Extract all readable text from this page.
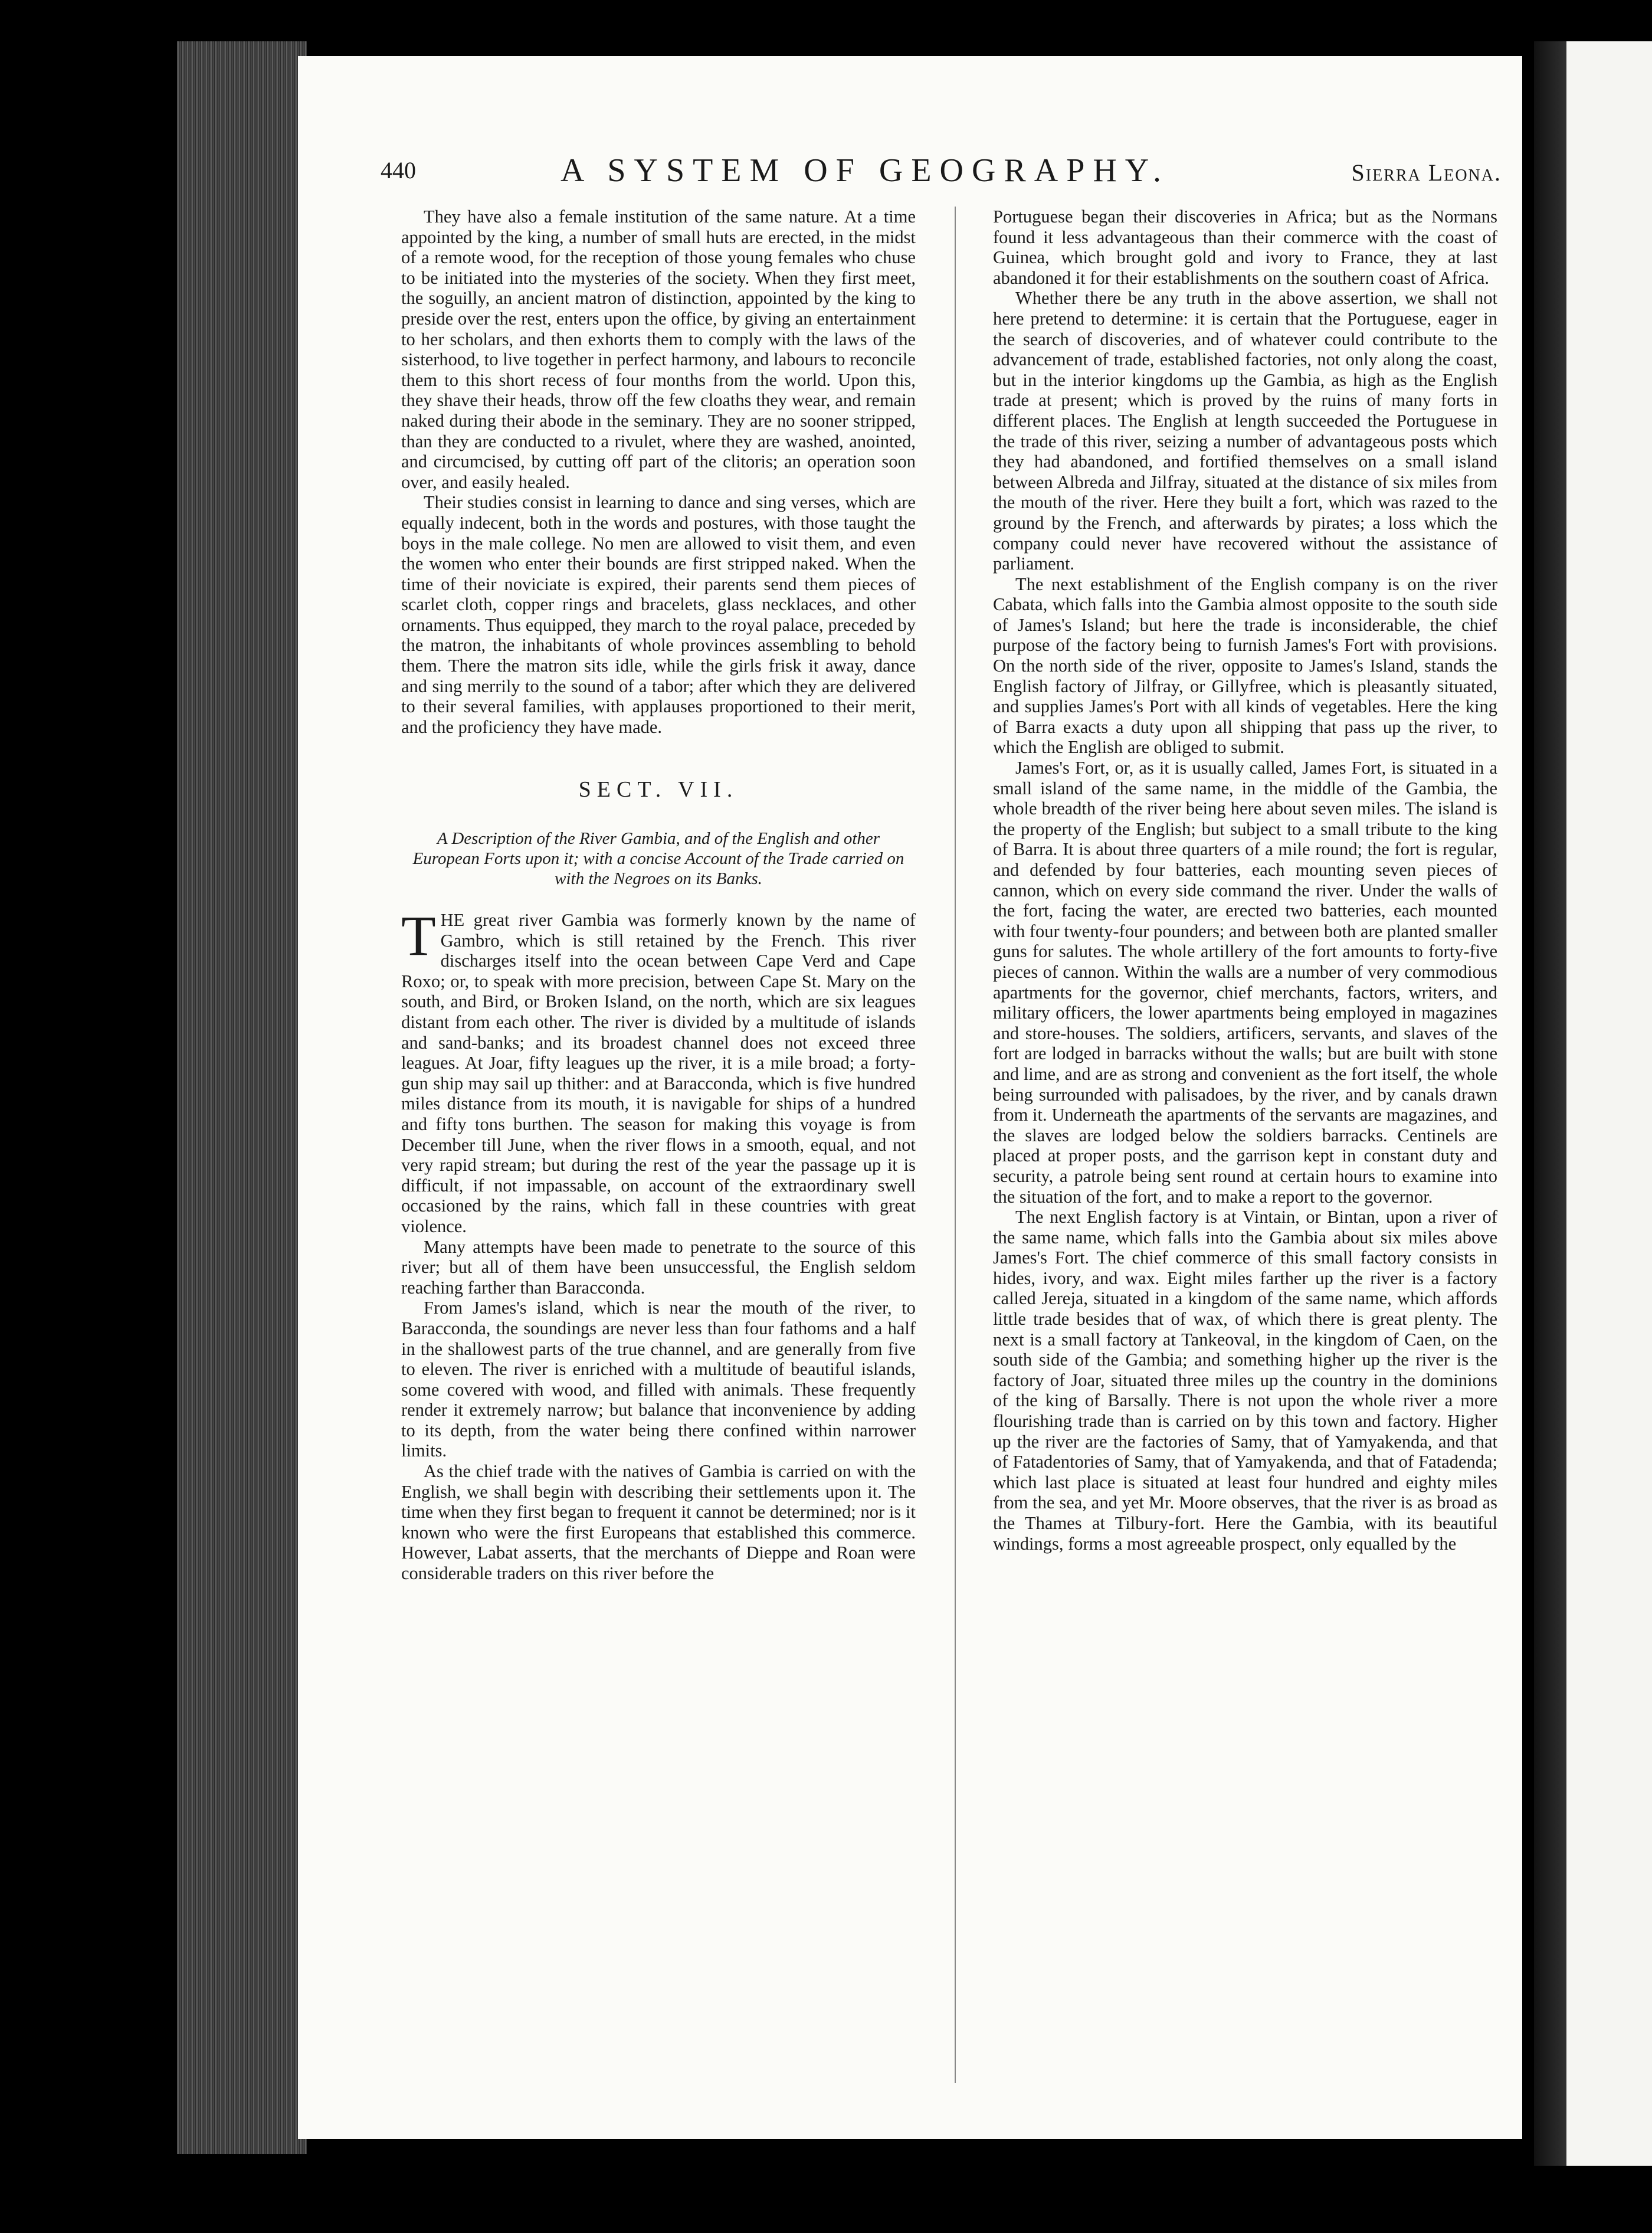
440	A SYSTEM OF GEOGRAPHY.	Sierra Leona.

They have also a female institution of the same nature. At a time appointed by the king, a number of small huts are erected, in the midst of a remote wood, for the reception of those young females who chuse to be initiated into the mysteries of the society. When they first meet, the soguilly, an ancient matron of distinction, appointed by the king to preside over the rest, enters upon the office, by giving an entertainment to her scholars, and then exhorts them to comply with the laws of the sisterhood, to live together in perfect harmony, and labours to reconcile them to this short recess of four months from the world. Upon this, they shave their heads, throw off the few cloaths they wear, and remain naked during their abode in the seminary. They are no sooner stripped, than they are conducted to a rivulet, where they are washed, anointed, and circumcised, by cutting off part of the clitoris; an operation soon over, and easily healed.

Their studies consist in learning to dance and sing verses, which are equally indecent, both in the words and postures, with those taught the boys in the male college. No men are allowed to visit them, and even the women who enter their bounds are first stripped naked. When the time of their noviciate is expired, their parents send them pieces of scarlet cloth, copper rings and bracelets, glass necklaces, and other ornaments. Thus equipped, they march to the royal palace, preceded by the matron, the inhabitants of whole provinces assembling to behold them. There the matron sits idle, while the girls frisk it away, dance and sing merrily to the sound of a tabor; after which they are delivered to their several families, with applauses proportioned to their merit, and the proficiency they have made.

SECT. VII.
A Description of the River Gambia, and of the English and other European Forts upon it; with a concise Account of the Trade carried on with the Negroes on its Banks.

THE great river Gambia was formerly known by the name of Gambro, which is still retained by the French. This river discharges itself into the ocean between Cape Verd and Cape Roxo; or, to speak with more precision, between Cape St. Mary on the south, and Bird, or Broken Island, on the north, which are six leagues distant from each other. The river is divided by a multitude of islands and sand-banks; and its broadest channel does not exceed three leagues. At Joar, fifty leagues up the river, it is a mile broad; a forty-gun ship may sail up thither: and at Baracconda, which is five hundred miles distance from its mouth, it is navigable for ships of a hundred and fifty tons burthen. The season for making this voyage is from December till June, when the river flows in a smooth, equal, and not very rapid stream; but during the rest of the year the passage up it is difficult, if not impassable, on account of the extraordinary swell occasioned by the rains, which fall in these countries with great violence.

Many attempts have been made to penetrate to the source of this river; but all of them have been unsuccessful, the English seldom reaching farther than Baracconda.

From James's island, which is near the mouth of the river, to Baracconda, the soundings are never less than four fathoms and a half in the shallowest parts of the true channel, and are generally from five to eleven. The river is enriched with a multitude of beautiful islands, some covered with wood, and filled with animals. These frequently render it extremely narrow; but balance that inconvenience by adding to its depth, from the water being there confined within narrower limits.

As the chief trade with the natives of Gambia is carried on with the English, we shall begin with describing their settlements upon it. The time when they first began to frequent it cannot be determined; nor is it known who were the first Europeans that established this commerce. However, Labat asserts, that the merchants of Dieppe and Roan were considerable traders on this river before the

Portuguese began their discoveries in Africa; but as the Normans found it less advantageous than their commerce with the coast of Guinea, which brought gold and ivory to France, they at last abandoned it for their establishments on the southern coast of Africa.

Whether there be any truth in the above assertion, we shall not here pretend to determine: it is certain that the Portuguese, eager in the search of discoveries, and of whatever could contribute to the advancement of trade, established factories, not only along the coast, but in the interior kingdoms up the Gambia, as high as the English trade at present; which is proved by the ruins of many forts in different places. The English at length succeeded the Portuguese in the trade of this river, seizing a number of advantageous posts which they had abandoned, and fortified themselves on a small island between Albreda and Jilfray, situated at the distance of six miles from the mouth of the river. Here they built a fort, which was razed to the ground by the French, and afterwards by pirates; a loss which the company could never have recovered without the assistance of parliament.

The next establishment of the English company is on the river Cabata, which falls into the Gambia almost opposite to the south side of James's Island; but here the trade is inconsiderable, the chief purpose of the factory being to furnish James's Fort with provisions. On the north side of the river, opposite to James's Island, stands the English factory of Jilfray, or Gillyfree, which is pleasantly situated, and supplies James's Port with all kinds of vegetables. Here the king of Barra exacts a duty upon all shipping that pass up the river, to which the English are obliged to submit.

James's Fort, or, as it is usually called, James Fort, is situated in a small island of the same name, in the middle of the Gambia, the whole breadth of the river being here about seven miles. The island is the property of the English; but subject to a small tribute to the king of Barra. It is about three quarters of a mile round; the fort is regular, and defended by four batteries, each mounting seven pieces of cannon, which on every side command the river. Under the walls of the fort, facing the water, are erected two batteries, each mounted with four twenty-four pounders; and between both are planted smaller guns for salutes. The whole artillery of the fort amounts to forty-five pieces of cannon. Within the walls are a number of very commodious apartments for the governor, chief merchants, factors, writers, and military officers, the lower apartments being employed in magazines and store-houses. The soldiers, artificers, servants, and slaves of the fort are lodged in barracks without the walls; but are built with stone and lime, and are as strong and convenient as the fort itself, the whole being surrounded with palisadoes, by the river, and by canals drawn from it. Underneath the apartments of the servants are magazines, and the slaves are lodged below the soldiers barracks. Centinels are placed at proper posts, and the garrison kept in constant duty and security, a patrole being sent round at certain hours to examine into the situation of the fort, and to make a report to the governor.

The next English factory is at Vintain, or Bintan, upon a river of the same name, which falls into the Gambia about six miles above James's Fort. The chief commerce of this small factory consists in hides, ivory, and wax. Eight miles farther up the river is a factory called Jereja, situated in a kingdom of the same name, which affords little trade besides that of wax, of which there is great plenty. The next is a small factory at Tankeoval, in the kingdom of Caen, on the south side of the Gambia; and something higher up the river is the factory of Joar, situated three miles up the country in the dominions of the king of Barsally. There is not upon the whole river a more flourishing trade than is carried on by this town and factory. Higher up the river are the factories of Samy, that of Yamyakenda, and that of Fatadentories of Samy, that of Yamyakenda, and that of Fatadenda; which last place is situated at least four hundred and eighty miles from the sea, and yet Mr. Moore observes, that the river is as broad as the Thames at Tilbury-fort. Here the Gambia, with its beautiful windings, forms a most agreeable prospect, only equalled by the
